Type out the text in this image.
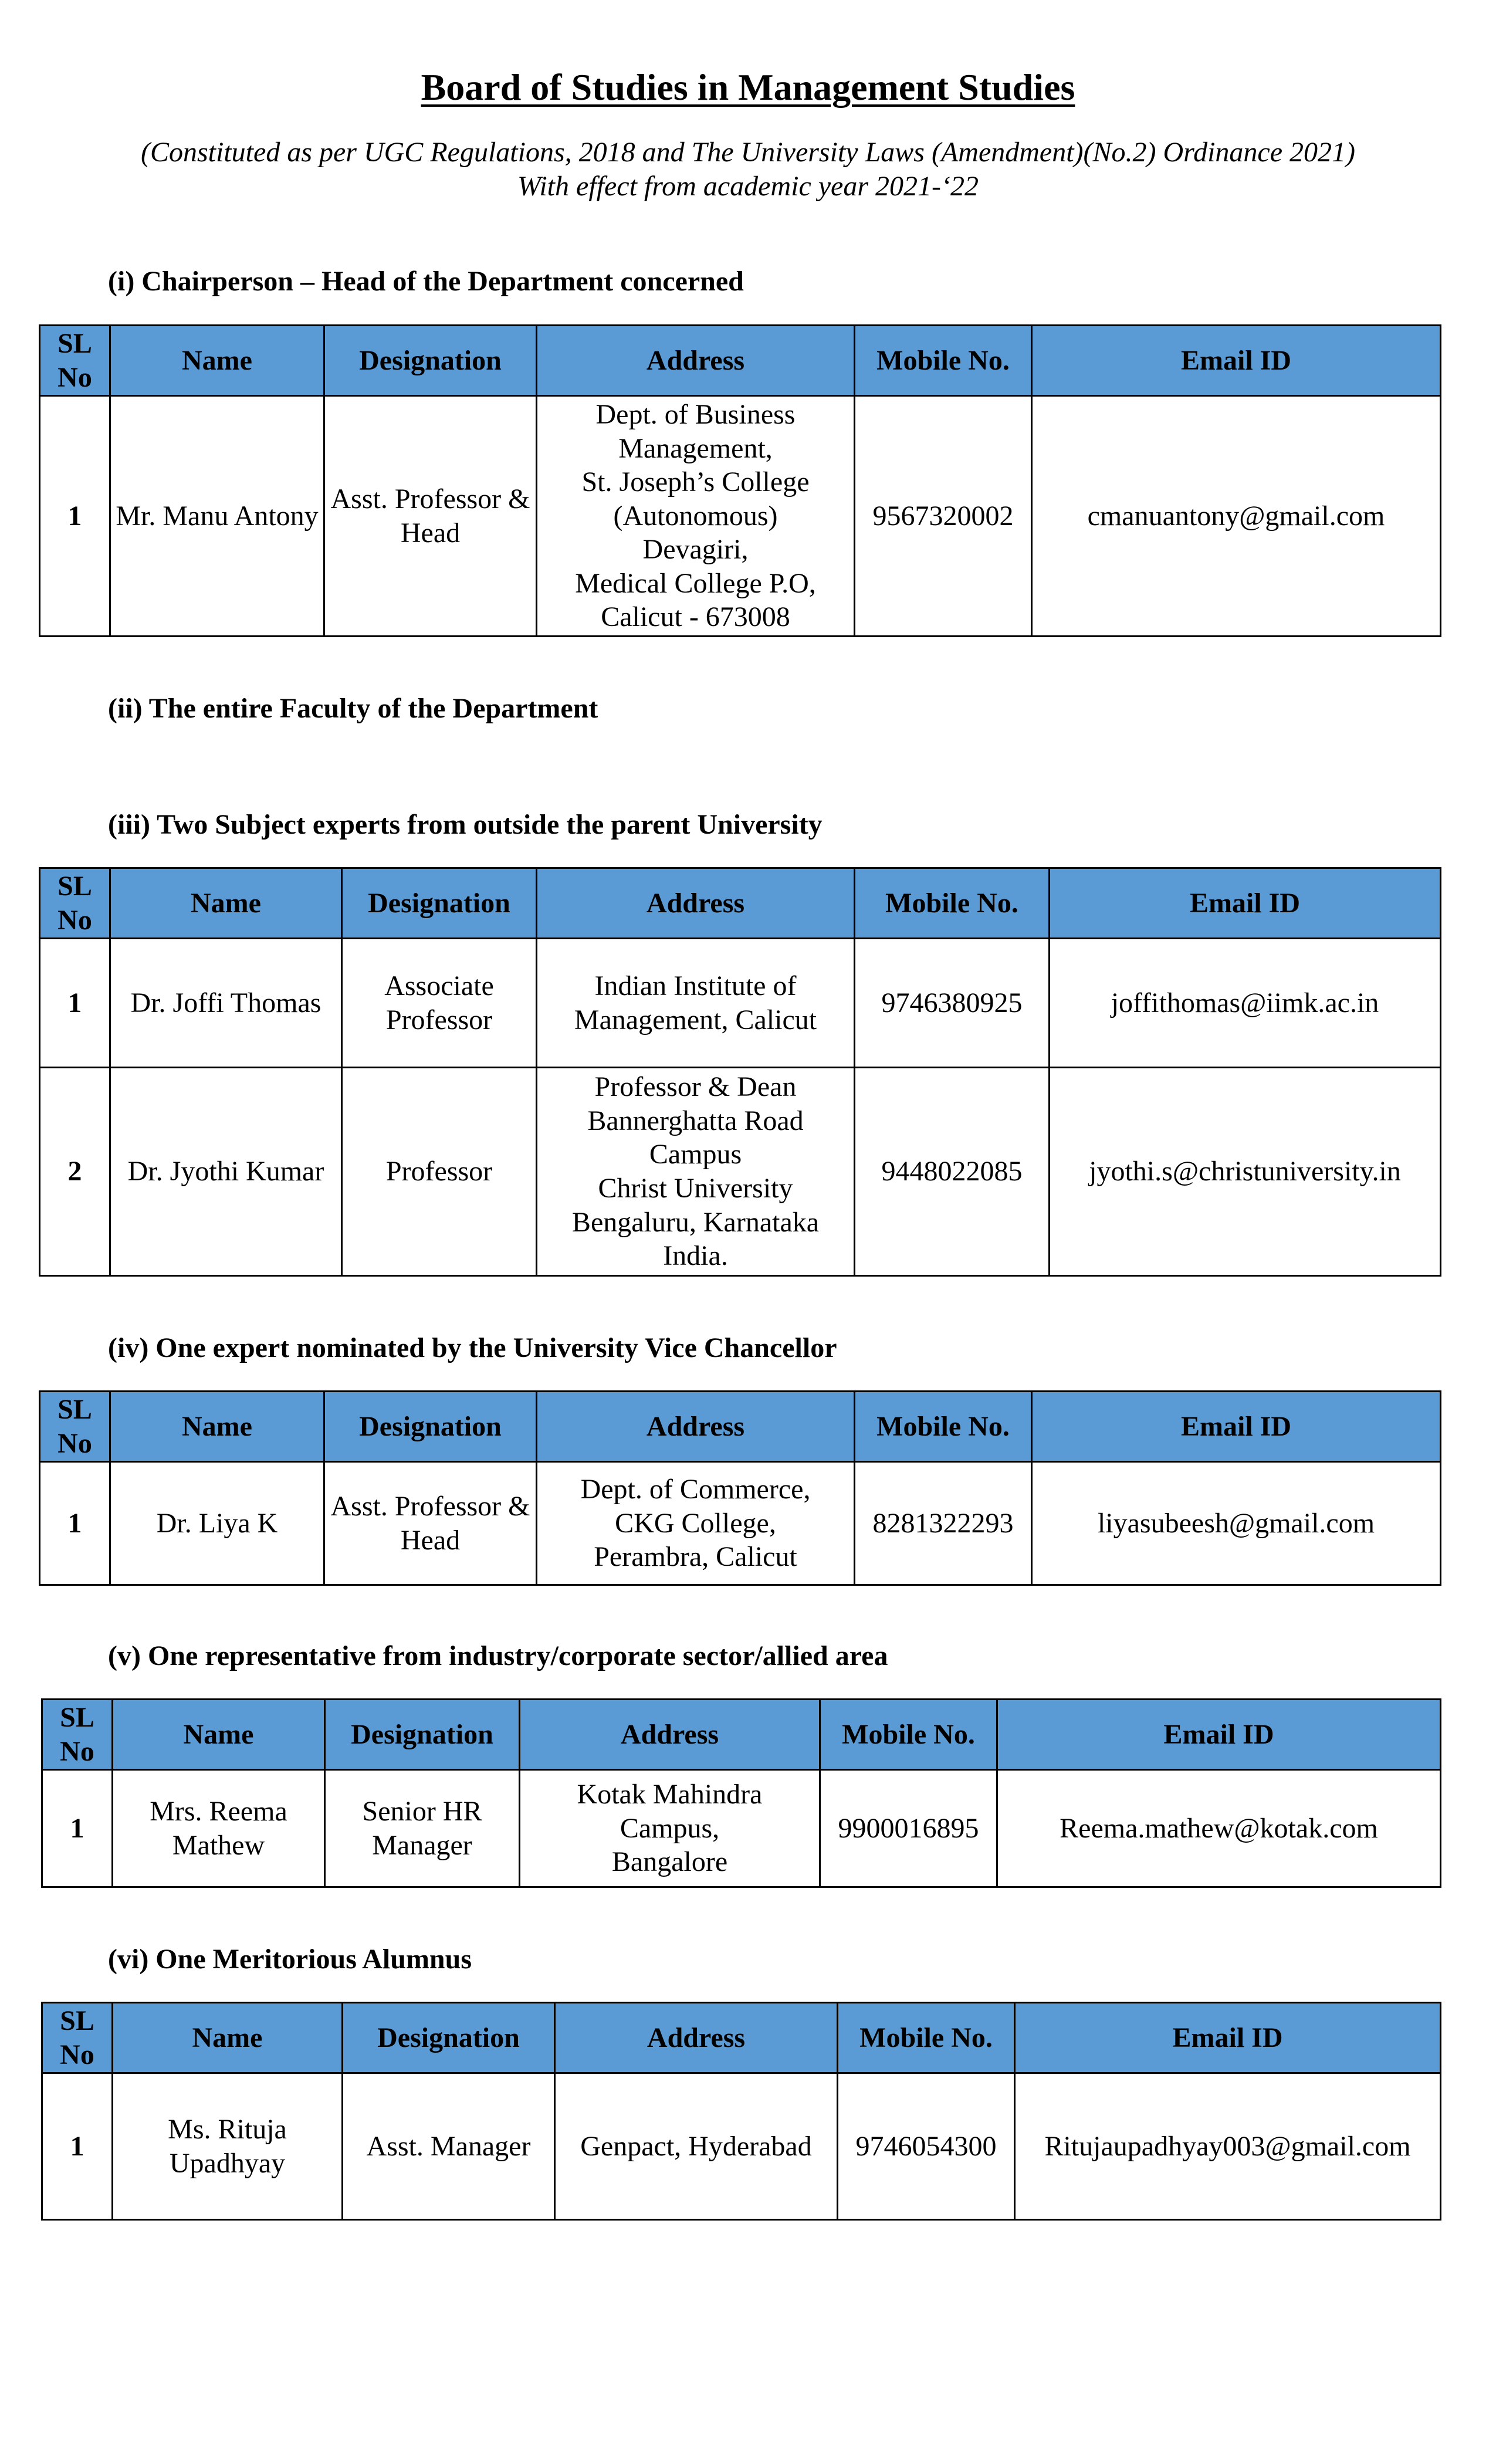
Board of Studies in Management Studies
(Constituted as per UGC Regulations, 2018 and The University Laws (Amendment)(No.2) Ordinance 2021)
With effect from academic year 2021-‘22
(i) Chairperson – Head of the Department concerned
SL No	Name	Designation	Address	Mobile No.	Email ID
1	Mr. Manu Antony	Asst. Professor & Head	Dept. of Business Management,
St. Joseph’s College (Autonomous)
Devagiri,
Medical College P.O,
Calicut - 673008	9567320002	cmanuantony@gmail.com
(ii) The entire Faculty of the Department
(iii) Two Subject experts from outside the parent University
SL No	Name	Designation	Address	Mobile No.	Email ID
1	Dr. Joffi Thomas	Associate Professor	Indian Institute of Management, Calicut	9746380925	joffithomas@iimk.ac.in
2	Dr. Jyothi Kumar	Professor	Professor & Dean
Bannerghatta Road Campus
Christ University
Bengaluru, Karnataka India.	9448022085	jyothi.s@christuniversity.in
(iv) One expert nominated by the University Vice Chancellor
SL No	Name	Designation	Address	Mobile No.	Email ID
1	Dr. Liya K	Asst. Professor & Head	Dept. of Commerce,
CKG College,
Perambra, Calicut	8281322293	liyasubeesh@gmail.com
(v) One representative from industry/corporate sector/allied area
SL No	Name	Designation	Address	Mobile No.	Email ID
1	Mrs. Reema Mathew	Senior HR Manager	Kotak Mahindra Campus,
Bangalore	9900016895	Reema.mathew@kotak.com
(vi) One Meritorious Alumnus
SL No	Name	Designation	Address	Mobile No.	Email ID
1	Ms. Rituja Upadhyay	Asst. Manager	Genpact, Hyderabad	9746054300	Ritujaupadhyay003@gmail.com
